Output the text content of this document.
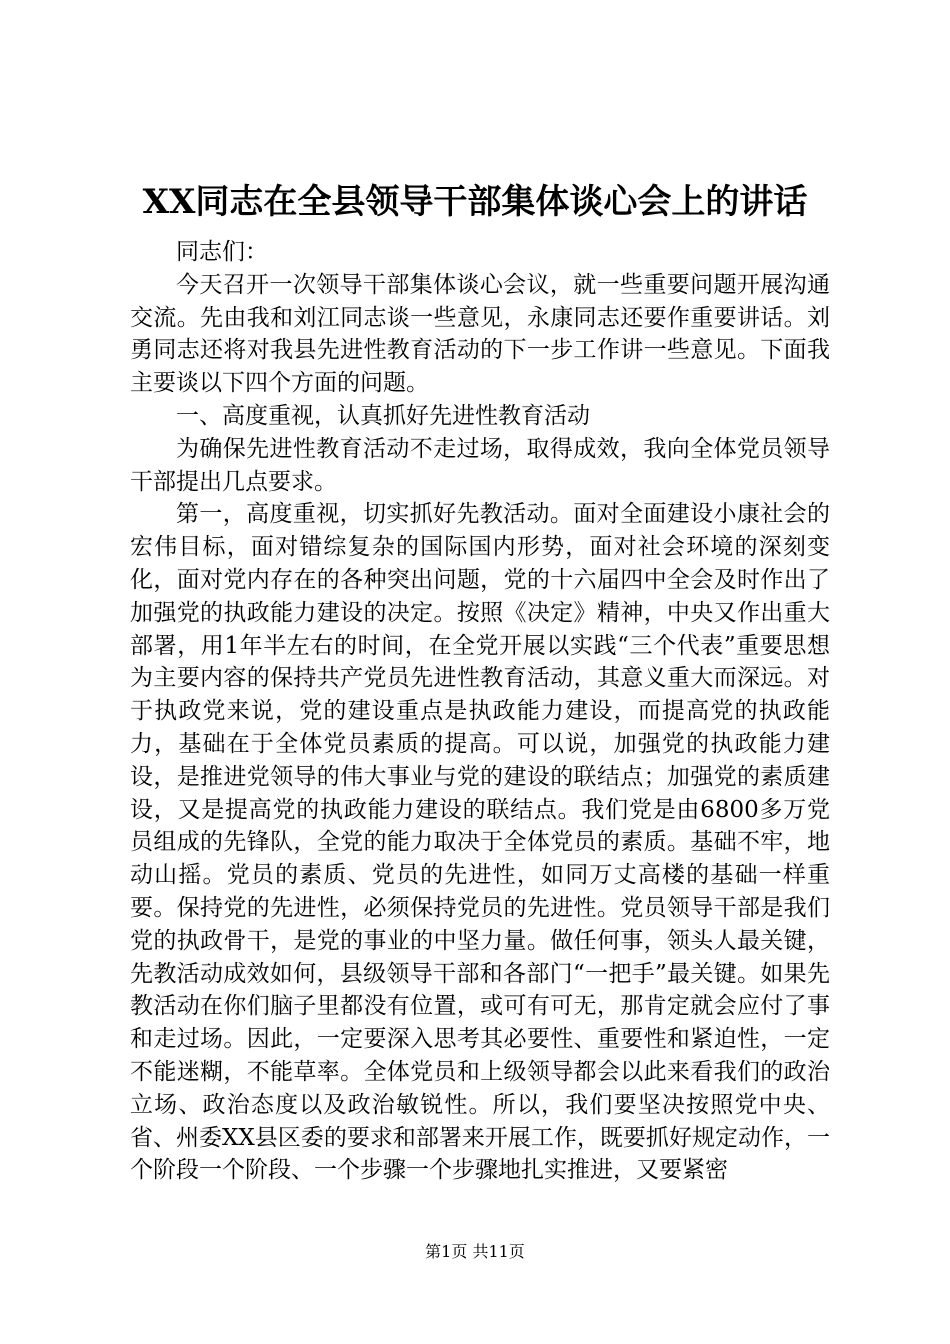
XX同志在全县领导干部集体谈心会上的讲话

同志们：

今天召开一次领导干部集体谈心会议，就一些重要问题开展沟通交流。先由我和刘江同志谈一些意见，永康同志还要作重要讲话。刘勇同志还将对我县先进性教育活动的下一步工作讲一些意见。下面我主要谈以下四个方面的问题。

一、高度重视，认真抓好先进性教育活动

为确保先进性教育活动不走过场，取得成效，我向全体党员领导干部提出几点要求。

第一，高度重视，切实抓好先教活动。面对全面建设小康社会的宏伟目标，面对错综复杂的国际国内形势，面对社会环境的深刻变化，面对党内存在的各种突出问题，党的十六届四中全会及时作出了加强党的执政能力建设的决定。按照《决定》精神，中央又作出重大部署，用1年半左右的时间，在全党开展以实践“三个代表”重要思想为主要内容的保持共产党员先进性教育活动，其意义重大而深远。对于执政党来说，党的建设重点是执政能力建设，而提高党的执政能力，基础在于全体党员素质的提高。可以说，加强党的执政能力建设，是推进党领导的伟大事业与党的建设的联结点；加强党的素质建设，又是提高党的执政能力建设的联结点。我们党是由6800多万党员组成的先锋队，全党的能力取决于全体党员的素质。基础不牢，地动山摇。党员的素质、党员的先进性，如同万丈高楼的基础一样重要。保持党的先进性，必须保持党员的先进性。党员领导干部是我们党的执政骨干，是党的事业的中坚力量。做任何事，领头人最关键，先教活动成效如何，县级领导干部和各部门“一把手”最关键。如果先教活动在你们脑子里都没有位置，或可有可无，那肯定就会应付了事和走过场。因此，一定要深入思考其必要性、重要性和紧迫性，一定不能迷糊，不能草率。全体党员和上级领导都会以此来看我们的政治立场、政治态度以及政治敏锐性。所以，我们要坚决按照党中央、省、州委XX县区委的要求和部署来开展工作，既要抓好规定动作，一个阶段一个阶段、一个步骤一个步骤地扎实推进，又要紧密

第1页 共11页
